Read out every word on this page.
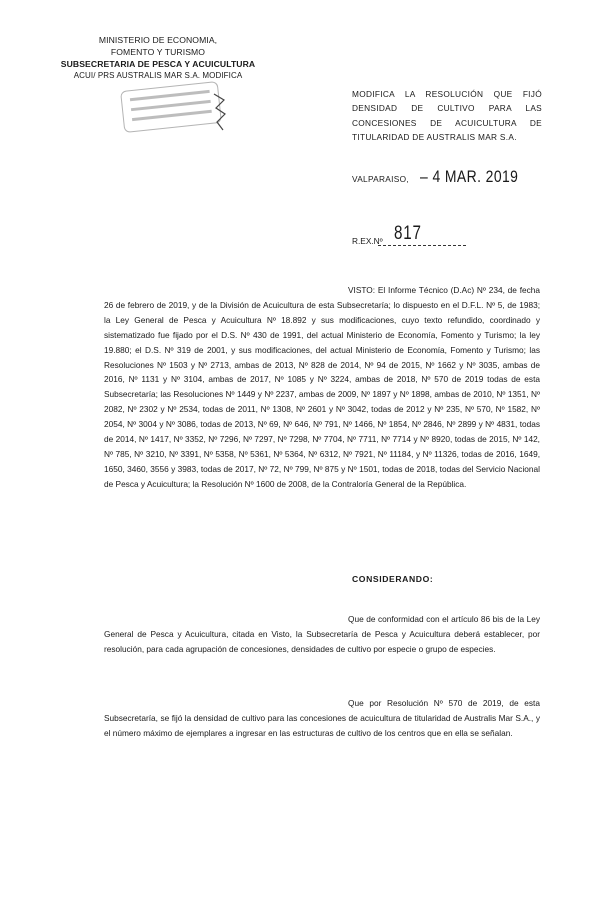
MINISTERIO DE ECONOMIA,
FOMENTO Y TURISMO
SUBSECRETARIA DE PESCA Y ACUICULTURA
ACUI/ PRS AUSTRALIS MAR S.A. MODIFICA
MODIFICA LA RESOLUCIÓN QUE FIJÓ DENSIDAD DE CULTIVO PARA LAS CONCESIONES DE ACUICULTURA DE TITULARIDAD DE AUSTRALIS MAR S.A.
VALPARAISO, – 4 MAR. 2019
R.EX.Nº 817
VISTO: El Informe Técnico (D.Ac) Nº 234, de fecha 26 de febrero de 2019, y de la División de Acuicultura de esta Subsecretaría; lo dispuesto en el D.F.L. Nº 5, de 1983; la Ley General de Pesca y Acuicultura Nº 18.892 y sus modificaciones, cuyo texto refundido, coordinado y sistematizado fue fijado por el D.S. Nº 430 de 1991, del actual Ministerio de Economía, Fomento y Turismo; la ley 19.880; el D.S. Nº 319 de 2001, y sus modificaciones, del actual Ministerio de Economía, Fomento y Turismo; las Resoluciones Nº 1503 y Nº 2713, ambas de 2013, Nº 828 de 2014, Nº 94 de 2015, Nº 1662 y Nº 3035, ambas de 2016, Nº 1131 y Nº 3104, ambas de 2017, Nº 1085 y Nº 3224, ambas de 2018, Nº 570 de 2019 todas de esta Subsecretaría; las Resoluciones Nº 1449 y Nº 2237, ambas de 2009, Nº 1897 y Nº 1898, ambas de 2010, Nº 1351, Nº 2082, Nº 2302 y Nº 2534, todas de 2011, Nº 1308, Nº 2601 y Nº 3042, todas de 2012 y Nº 235, Nº 570, Nº 1582, Nº 2054, Nº 3004 y Nº 3086, todas de 2013, Nº 69, Nº 646, Nº 791, Nº 1466, Nº 1854, Nº 2846, Nº 2899 y Nº 4831, todas de 2014, Nº 1417, Nº 3352, Nº 7296, Nº 7297, Nº 7298, Nº 7704, Nº 7711, Nº 7714 y Nº 8920, todas de 2015, Nº 142, Nº 785, Nº 3210, Nº 3391, Nº 5358, Nº 5361, Nº 5364, Nº 6312, Nº 7921, Nº 11184, y Nº 11326, todas de 2016, 1649, 1650, 3460, 3556 y 3983, todas de 2017, Nº 72, Nº 799, Nº 875 y Nº 1501, todas de 2018, todas del Servicio Nacional de Pesca y Acuicultura; la Resolución Nº 1600 de 2008, de la Contraloría General de la República.
CONSIDERANDO:
Que de conformidad con el artículo 86 bis de la Ley General de Pesca y Acuicultura, citada en Visto, la Subsecretaría de Pesca y Acuicultura deberá establecer, por resolución, para cada agrupación de concesiones, densidades de cultivo por especie o grupo de especies.
Que por Resolución Nº 570 de 2019, de esta Subsecretaría, se fijó la densidad de cultivo para las concesiones de acuicultura de titularidad de Australis Mar S.A., y el número máximo de ejemplares a ingresar en las estructuras de cultivo de los centros que en ella se señalan.
